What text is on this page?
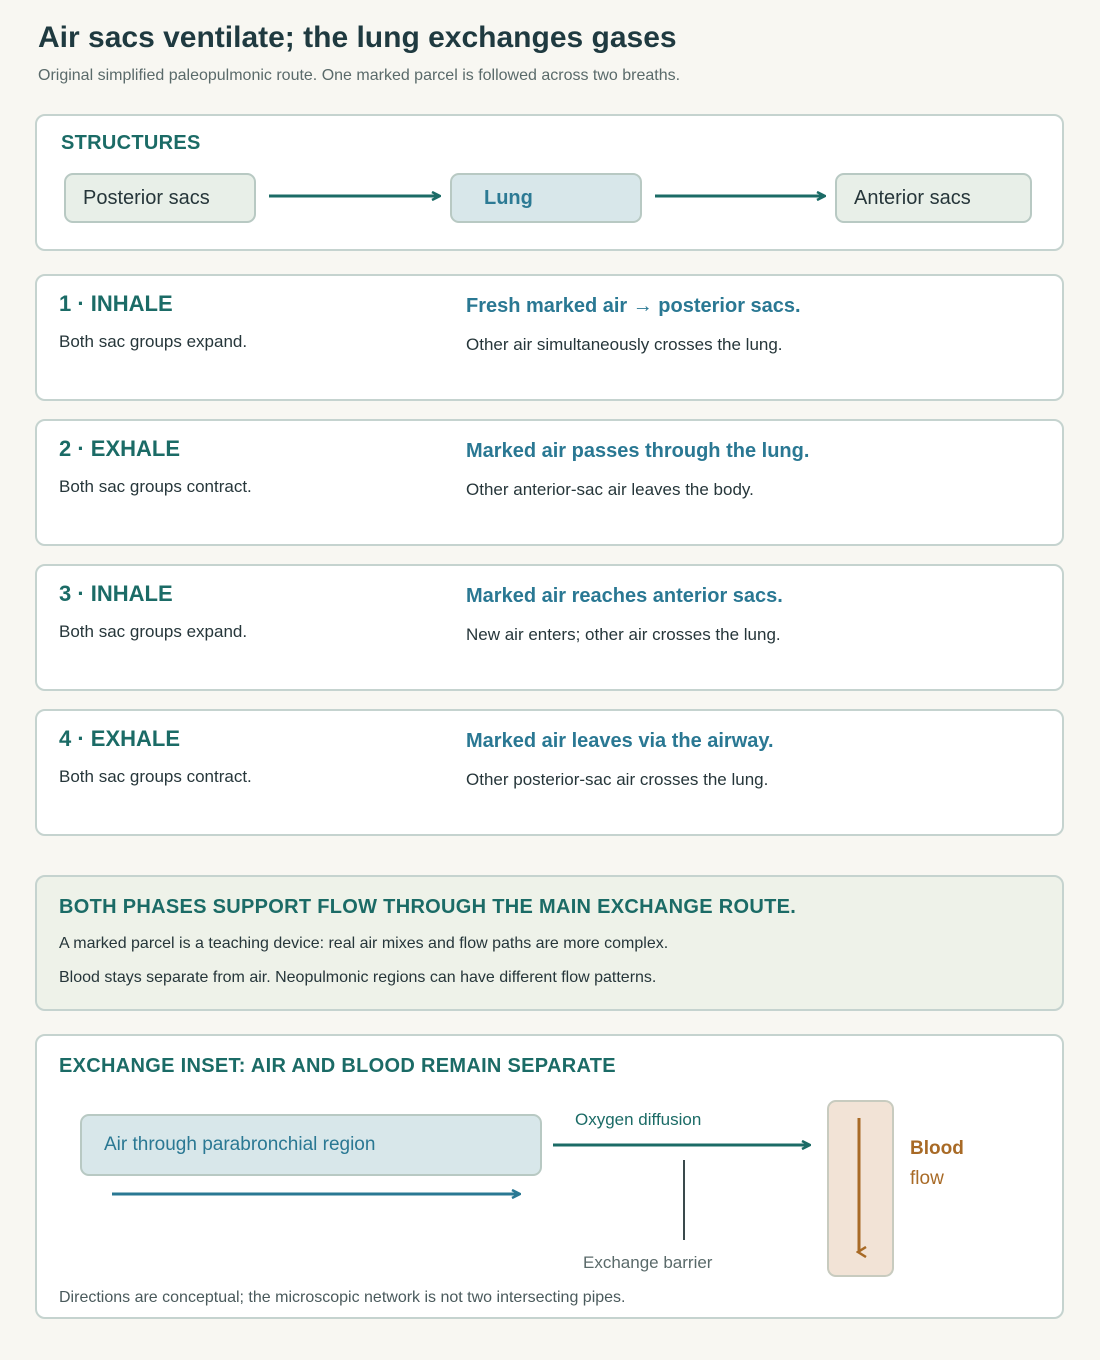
Air sacs ventilate; the lung exchanges gases
Original simplified paleopulmonic route. One marked parcel is followed across two breaths.
STRUCTURES
Posterior sacs	Lung	Anterior sacs
1 · INHALE
Both sac groups expand.
Fresh marked air → posterior sacs.
Other air simultaneously crosses the lung.
2 · EXHALE
Both sac groups contract.
Marked air passes through the lung.
Other anterior-sac air leaves the body.
3 · INHALE
Both sac groups expand.
Marked air reaches anterior sacs.
New air enters; other air crosses the lung.
4 · EXHALE
Both sac groups contract.
Marked air leaves via the airway.
Other posterior-sac air crosses the lung.
BOTH PHASES SUPPORT FLOW THROUGH THE MAIN EXCHANGE ROUTE.
A marked parcel is a teaching device: real air mixes and flow paths are more complex.
Blood stays separate from air. Neopulmonic regions can have different flow patterns.
EXCHANGE INSET: AIR AND BLOOD REMAIN SEPARATE
Air through parabronchial region
Oxygen diffusion
Exchange barrier
Blood
flow
Directions are conceptual; the microscopic network is not two intersecting pipes.
